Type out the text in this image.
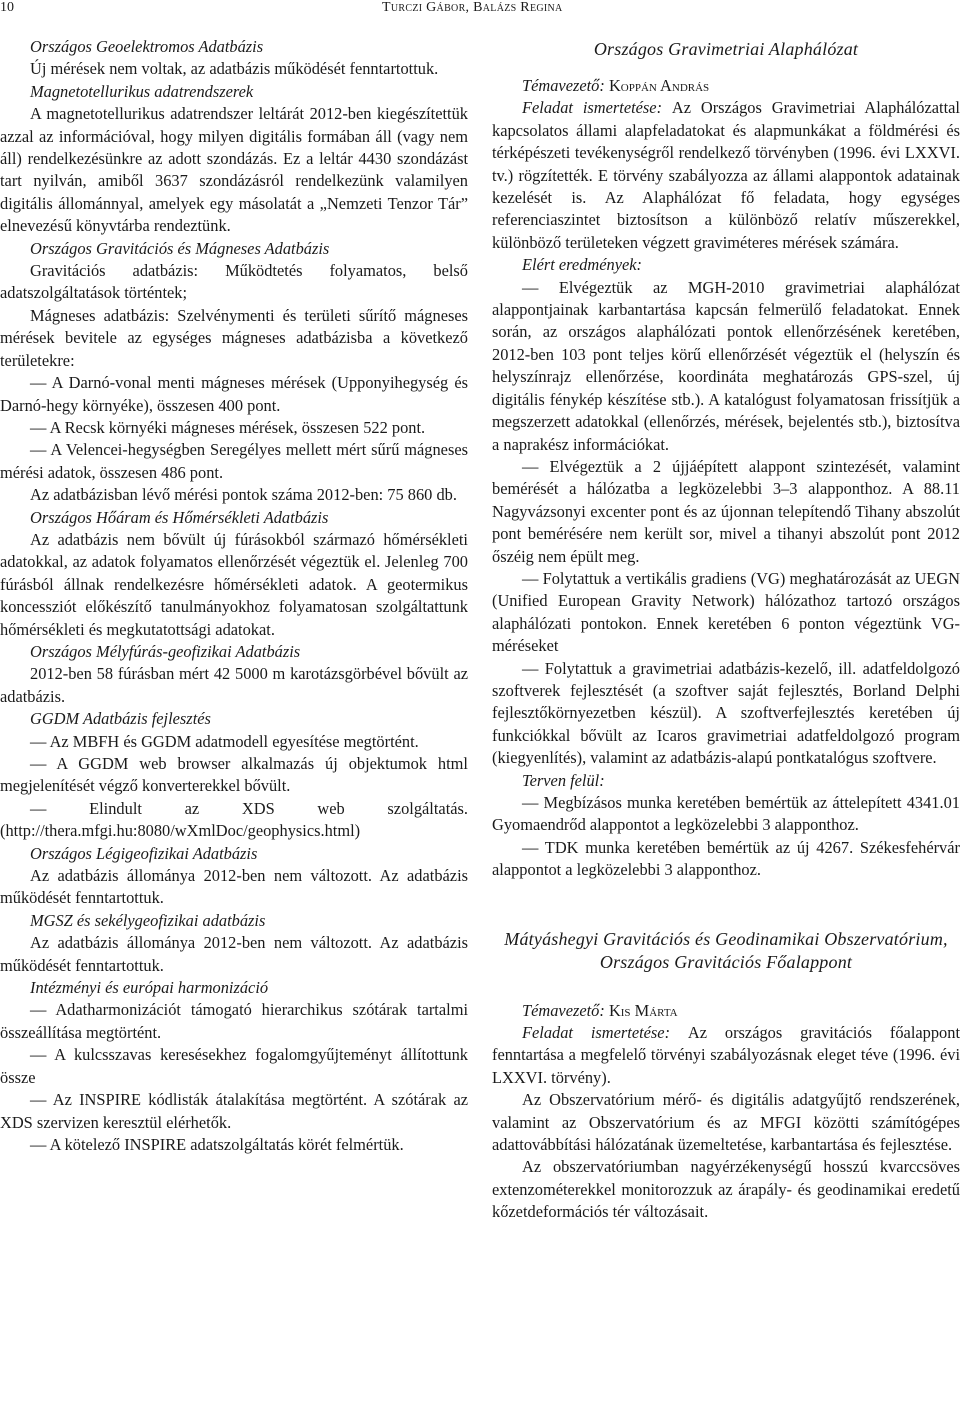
10	Turczi Gábor, Balázs Regina

Országos Geoelektromos Adatbázis

Új mérések nem voltak, az adatbázis működését fenntartottuk.

Magnetotellurikus adatrendszerek

A magnetotellurikus adatrendszer leltárát 2012-ben kiegészítettük azzal az információval, hogy milyen digitális formában áll (vagy nem áll) rendelkezésünkre az adott szondázás. Ez a leltár 4430 szondázást tart nyilván, amiből 3637 szondázásról rendelkezünk valamilyen digitális állománnyal, amelyek egy másolatát a „Nemzeti Tenzor Tár” elnevezésű könyvtárba rendeztünk.

Országos Gravitációs és Mágneses Adatbázis

Gravitációs adatbázis: Működtetés folyamatos, belső adatszolgáltatások történtek;

Mágneses adatbázis: Szelvénymenti és területi sűrítő mágneses mérések bevitele az egységes mágneses adatbázisba a következő területekre:

— A Darnó-vonal menti mágneses mérések (Upponyihegység és Darnó-hegy környéke), összesen 400 pont.

— A Recsk környéki mágneses mérések, összesen 522 pont.

— A Velencei-hegységben Seregélyes mellett mért sűrű mágneses mérési adatok, összesen 486 pont.

Az adatbázisban lévő mérési pontok száma 2012-ben: 75 860 db.

Országos Hőáram és Hőmérsékleti Adatbázis

Az adatbázis nem bővült új fúrásokból származó hőmérsékleti adatokkal, az adatok folyamatos ellenőrzését végeztük el. Jelenleg 700 fúrásból állnak rendelkezésre hőmérsékleti adatok. A geotermikus koncessziót előkészítő tanulmányokhoz folyamatosan szolgáltattunk hőmérsékleti és megkutatottsági adatokat.

Országos Mélyfúrás-geofizikai Adatbázis

2012-ben 58 fúrásban mért 42 5000 m karotázsgörbével bővült az adatbázis.

GGDM Adatbázis fejlesztés

— Az MBFH és GGDM adatmodell egyesítése megtörtént.

— A GGDM web browser alkalmazás új objektumok html megjelenítését végző konverterekkel bővült.

— Elindult az XDS web szolgáltatás. (http://thera.mfgi.hu:8080/wXmlDoc/geophysics.html)

Országos Légigeofizikai Adatbázis

Az adatbázis állománya 2012-ben nem változott. Az adatbázis működését fenntartottuk.

MGSZ és sekélygeofizikai adatbázis

Az adatbázis állománya 2012-ben nem változott. Az adatbázis működését fenntartottuk.

Intézményi és európai harmonizáció

— Adatharmonizációt támogató hierarchikus szótárak tartalmi összeállítása megtörtént.

— A kulcsszavas keresésekhez fogalomgyűjteményt állítottunk össze

— Az INSPIRE kódlisták átalakítása megtörtént. A szótárak az XDS szervizen keresztül elérhetők.

— A kötelező INSPIRE adatszolgáltatás körét felmértük.

Országos Gravimetriai Alaphálózat

Témavezető: Koppán András

Feladat ismertetése: Az Országos Gravimetriai Alaphálózattal kapcsolatos állami alapfeladatokat és alapmunkákat a földmérési és térképészeti tevékenységről rendelkező törvényben (1996. évi LXXVI. tv.) rögzítették. E törvény szabályozza az állami alappontok adatainak kezelését is. Az Alaphálózat fő feladata, hogy egységes referenciaszintet biztosítson a különböző relatív műszerekkel, különböző területeken végzett graviméteres mérések számára.

Elért eredmények:

— Elvégeztük az MGH-2010 gravimetriai alaphálózat alappontjainak karbantartása kapcsán felmerülő feladatokat. Ennek során, az országos alaphálózati pontok ellenőrzésének keretében, 2012-ben 103 pont teljes körű ellenőrzését végeztük el (helyszín és helyszínrajz ellenőrzése, koordináta meghatározás GPS-szel, új digitális fénykép készítése stb.). A katalógust folyamatosan frissítjük a megszerzett adatokkal (ellenőrzés, mérések, bejelentés stb.), biztosítva a naprakész információkat.

— Elvégeztük a 2 újjáépített alappont szintezését, valamint bemérését a hálózatba a legközelebbi 3–3 alapponthoz. A 88.11 Nagyvázsonyi excenter pont és az újonnan telepítendő Tihany abszolút pont bemérésére nem került sor, mivel a tihanyi abszolút pont 2012 őszéig nem épült meg.

— Folytattuk a vertikális gradiens (VG) meghatározását az UEGN (Unified European Gravity Network) hálózathoz tartozó országos alaphálózati pontokon. Ennek keretében 6 ponton végeztünk VG-méréseket

— Folytattuk a gravimetriai adatbázis-kezelő, ill. adatfeldolgozó szoftverek fejlesztését (a szoftver saját fejlesztés, Borland Delphi fejlesztőkörnyezetben készül). A szoftverfejlesztés keretében új funkciókkal bővült az Icaros gravimetriai adatfeldolgozó program (kiegyenlítés), valamint az adatbázis-alapú pontkatalógus szoftvere.

Terven felül:

— Megbízásos munka keretében bemértük az áttelepített 4341.01 Gyomaendrőd alappontot a legközelebbi 3 alapponthoz.

— TDK munka keretében bemértük az új 4267. Székesfehérvár alappontot a legközelebbi 3 alapponthoz.

Mátyáshegyi Gravitációs és Geodinamikai Obszervatórium, Országos Gravitációs Főalappont

Témavezető: Kis Márta

Feladat ismertetése: Az országos gravitációs főalappont fenntartása a megfelelő törvényi szabályozásnak eleget téve (1996. évi LXXVI. törvény).

Az Obszervatórium mérő- és digitális adatgyűjtő rendszerének, valamint az Obszervatórium és az MFGI közötti számítógépes adattovábbítási hálózatának üzemeltetése, karbantartása és fejlesztése.

Az obszervatóriumban nagyérzékenységű hosszú kvarccsöves extenzométerekkel monitorozzuk az árapály- és geodinamikai eredetű kőzetdeformációs tér változásait.
